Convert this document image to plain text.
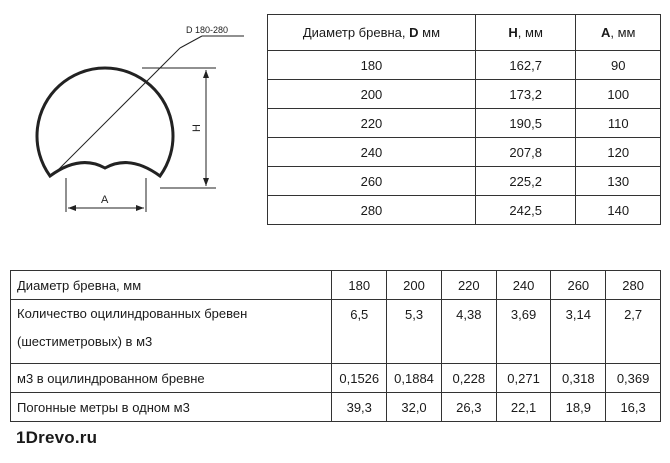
D 180-280
H
A
Диаметр бревна, D мм	H, мм	A, мм
180	162,7	90
200	173,2	100
220	190,5	110
240	207,8	120
260	225,2	130
280	242,5	140
Диаметр бревна, мм	180	200	220	240	260	280
Количество оцилиндрованных бревен
(шестиметровых) в м3	6,5	5,3	4,38	3,69	3,14	2,7
м3 в оцилиндрованном бревне	0,1526	0,1884	0,228	0,271	0,318	0,369
Погонные метры в одном м3	39,3	32,0	26,3	22,1	18,9	16,3
1Drevo.ru
